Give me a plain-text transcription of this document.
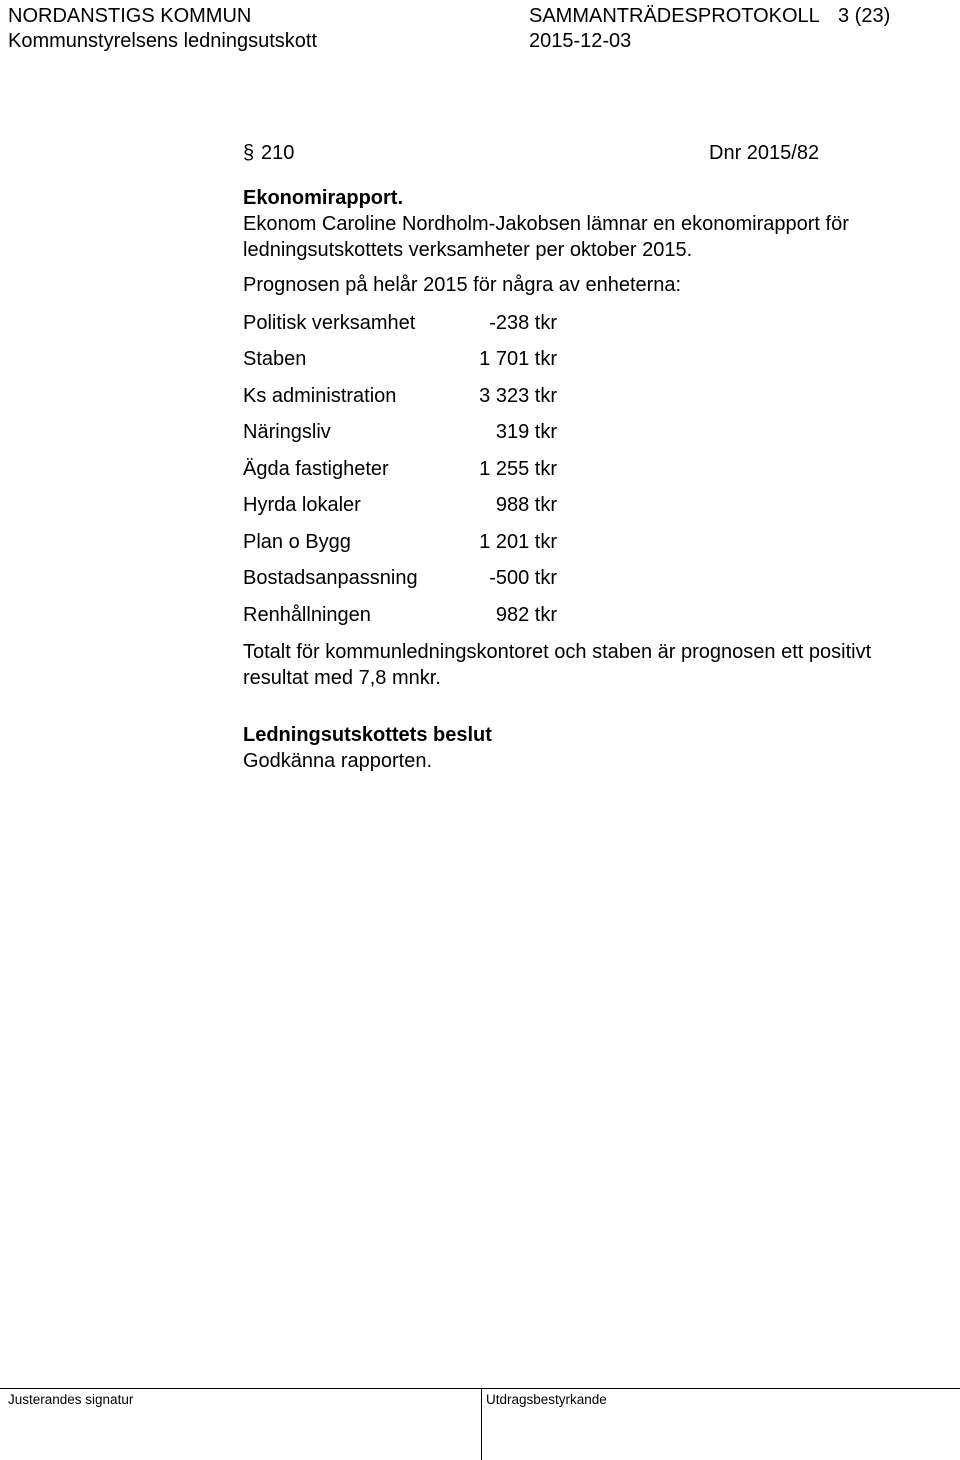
NORDANSTIGS KOMMUN	SAMMANTRÄDESPROTOKOLL 3 (23)
Kommunstyrelsens ledningsutskott	2015-12-03
§ 210	Dnr 2015/82
Ekonomirapport.
Ekonom Caroline Nordholm-Jakobsen lämnar en ekonomirapport för
ledningsutskottets verksamheter per oktober 2015.
Prognosen på helår 2015 för några av enheterna:
Politisk verksamhet	-238 tkr
Staben	1 701 tkr
Ks administration	3 323 tkr
Näringsliv	319 tkr
Ägda fastigheter	1 255 tkr
Hyrda lokaler	988 tkr
Plan o Bygg	1 201 tkr
Bostadsanpassning	-500 tkr
Renhållningen	982 tkr
Totalt för kommunledningskontoret och staben är prognosen ett positivt
resultat med 7,8 mnkr.
Ledningsutskottets beslut
Godkänna rapporten.
Justerandes signatur	Utdragsbestyrkande
